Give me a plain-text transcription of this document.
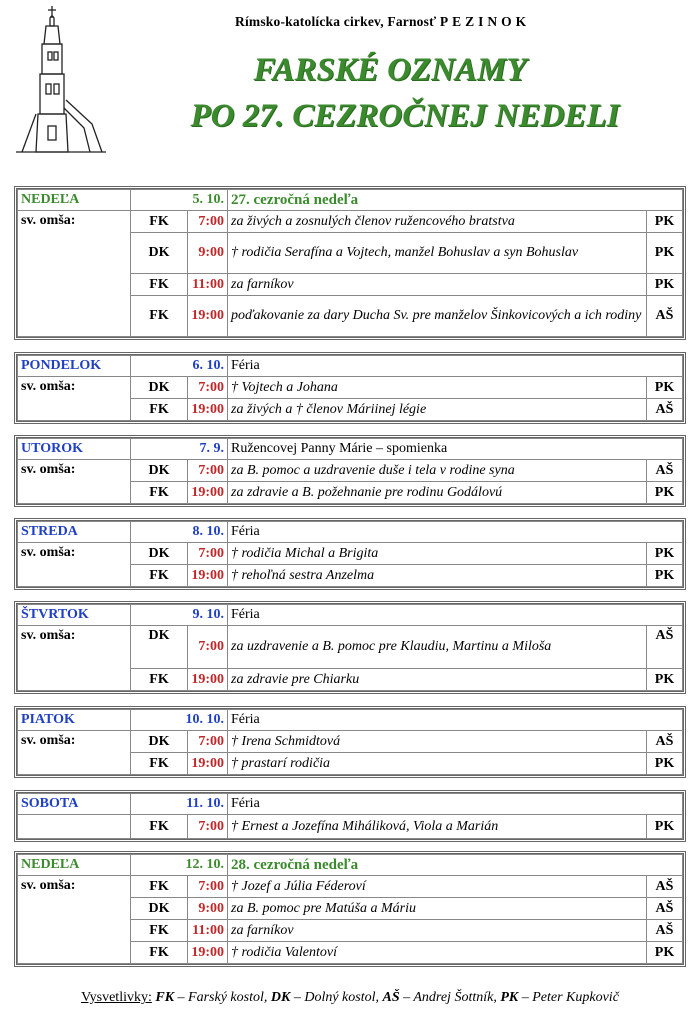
Rímsko-katolícka cirkev, Farnosť PEZINOK
FARSKÉ OZNAMY
PO 27. CEZROČNEJ NEDELI
NEDEĽA	5. 10.		27. cezročná nedeľa	
sv. omša:	FK	7:00	za živých a zosnulých členov ružencového bratstva	PK
	DK	9:00	† rodičia Serafína a Vojtech, manžel Bohuslav a syn Bohuslav	PK
	FK	11:00	za farníkov	PK
	FK	19:00	poďakovanie za dary Ducha Sv. pre manželov Šinkovicových a ich rodiny	AŠ
PONDELOK	6. 10.		Féria	
sv. omša:	DK	7:00	† Vojtech a Johana	PK
	FK	19:00	za živých a † členov Máriinej légie	AŠ
UTOROK	7. 9.		Ružencovej Panny Márie – spomienka	
sv. omša:	DK	7:00	za B. pomoc a uzdravenie duše i tela v rodine syna	AŠ
	FK	19:00	za zdravie a B. požehnanie pre rodinu Godálovú	PK
STREDA	8. 10.		Féria	
sv. omša:	DK	7:00	† rodičia Michal a Brigita	PK
	FK	19:00	† rehoľná sestra Anzelma	PK
ŠTVRTOK	9. 10.		Féria	
sv. omša:	DK	7:00	za uzdravenie a B. pomoc pre Klaudiu, Martinu a Miloša	AŠ
	FK	19:00	za zdravie pre Chiarku	PK
PIATOK	10. 10.		Féria	
sv. omša:	DK	7:00	† Irena Schmidtová	AŠ
	FK	19:00	† prastarí rodičia	PK
SOBOTA	11. 10.		Féria	
	FK	7:00	† Ernest a Jozefína Miháliková, Viola a Marián	PK
NEDEĽA	12. 10.		28. cezročná nedeľa	
sv. omša:	FK	7:00	† Jozef a Júlia Féderoví	AŠ
	DK	9:00	za B. pomoc pre Matúša a Máriu	AŠ
	FK	11:00	za farníkov	AŠ
	FK	19:00	† rodičia Valentoví	PK
Vysvetlivky: FK – Farský kostol, DK – Dolný kostol, AŠ – Andrej Šottník, PK – Peter Kupkovič
